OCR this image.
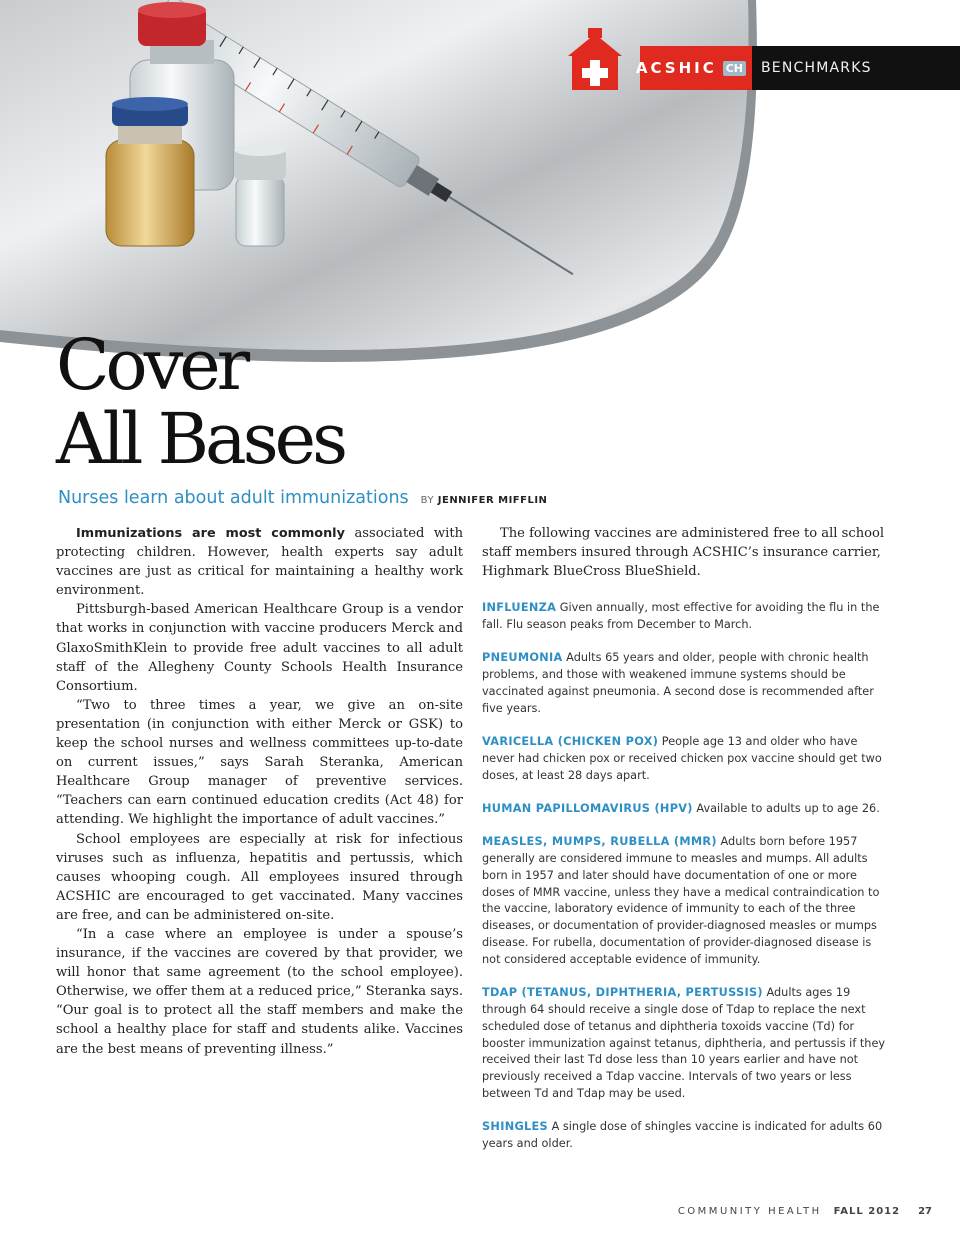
ACSHIC CH BENCHMARKS
Cover
All Bases
Nurses learn about adult immunizations BY JENNIFER MIFFLIN

Immunizations are most commonly associated with protecting children. However, health experts say adult vaccines are just as critical for maintaining a healthy work environment.

Pittsburgh-based American Healthcare Group is a vendor that works in conjunction with vaccine producers Merck and GlaxoSmithKlein to provide free adult vaccines to all adult staff of the Allegheny County Schools Health Insurance Consortium.

“Two to three times a year, we give an on-site presentation (in conjunction with either Merck or GSK) to keep the school nurses and wellness committees up-to-date on current issues,” says Sarah Steranka, American Healthcare Group manager of preventive services. “Teachers can earn continued education credits (Act 48) for attending. We highlight the importance of adult vaccines.”

School employees are especially at risk for infectious viruses such as influenza, hepatitis and pertussis, which causes whooping cough. All employees insured through ACSHIC are encouraged to get vaccinated. Many vaccines are free, and can be administered on-site.

“In a case where an employee is under a spouse’s insurance, if the vaccines are covered by that provider, we will honor that same agreement (to the school employee). Otherwise, we offer them at a reduced price,” Steranka says. “Our goal is to protect all the staff members and make the school a healthy place for staff and students alike. Vaccines are the best means of preventing illness.”

The following vaccines are administered free to all school staff members insured through ACSHIC’s insurance carrier, Highmark BlueCross BlueShield.

INFLUENZA Given annually, most effective for avoiding the flu in the fall. Flu season peaks from December to March.

PNEUMONIA Adults 65 years and older, people with chronic health problems, and those with weakened immune systems should be vaccinated against pneumonia. A second dose is recommended after five years.

VARICELLA (CHICKEN POX) People age 13 and older who have never had chicken pox or received chicken pox vaccine should get two doses, at least 28 days apart.

HUMAN PAPILLOMAVIRUS (HPV) Available to adults up to age 26.

MEASLES, MUMPS, RUBELLA (MMR) Adults born before 1957 generally are considered immune to measles and mumps. All adults born in 1957 and later should have documentation of one or more doses of MMR vaccine, unless they have a medical contraindication to the vaccine, laboratory evidence of immunity to each of the three diseases, or documentation of provider-diagnosed measles or mumps disease. For rubella, documentation of provider-diagnosed disease is not considered acceptable evidence of immunity.

TDAP (TETANUS, DIPHTHERIA, PERTUSSIS) Adults ages 19 through 64 should receive a single dose of Tdap to replace the next scheduled dose of tetanus and diphtheria toxoids vaccine (Td) for booster immunization against tetanus, diphtheria, and pertussis if they received their last Td dose less than 10 years earlier and have not previously received a Tdap vaccine. Intervals of two years or less between Td and Tdap may be used.

SHINGLES A single dose of shingles vaccine is indicated for adults 60 years and older.

COMMUNITY HEALTH FALL 2012 27
